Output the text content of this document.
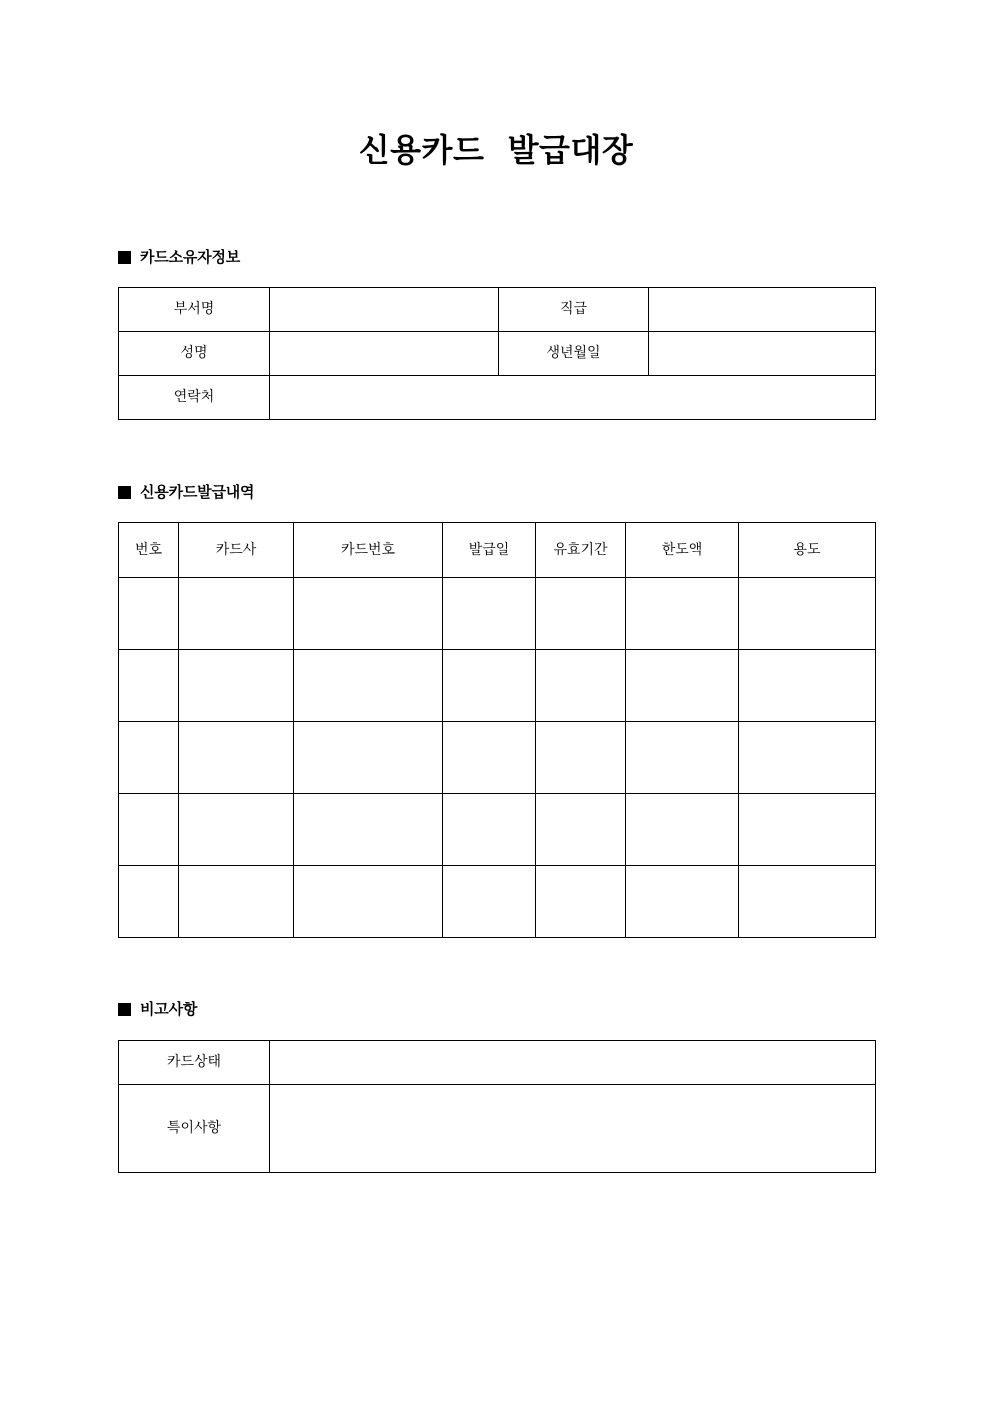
신용카드  발급대장
카드소유자정보
부서명		직급	
성명		생년월일	
연락처			
신용카드발급내역
번호	카드사	카드번호	발급일	유효기간	한도액	용도

비고사항
카드상태	
특이사항	
